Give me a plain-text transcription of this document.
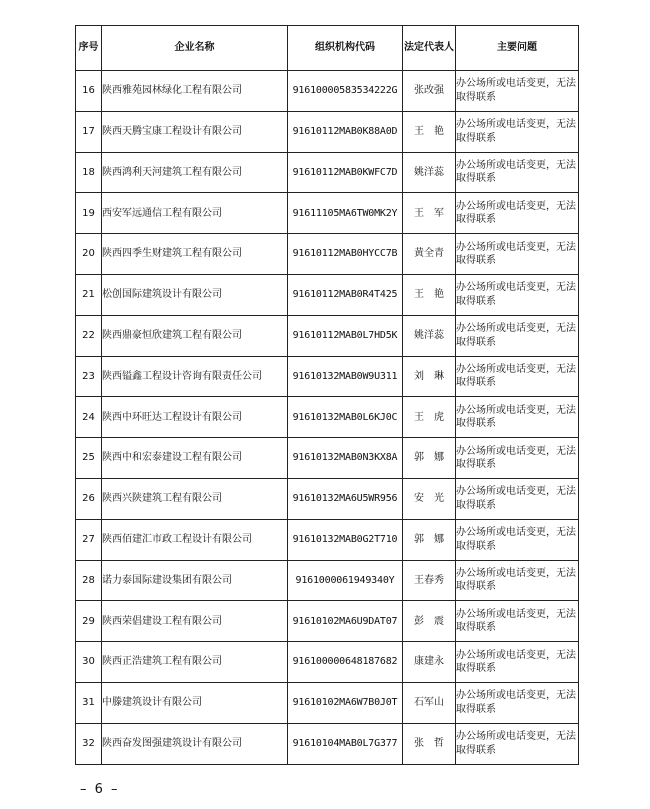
序号	企业名称	组织机构代码	法定代表人	主要问题
16	陕西雅苑园林绿化工程有限公司	91610000583534222G	张改强	办公场所或电话变更，无法取得联系
17	陕西天腾宝康工程设计有限公司	91610112MAB0K88A0D	王　艳	办公场所或电话变更，无法取得联系
18	陕西鸿利天河建筑工程有限公司	91610112MAB0KWFC7D	姚洋蕊	办公场所或电话变更，无法取得联系
19	西安军远通信工程有限公司	91611105MA6TW0MK2Y	王　军	办公场所或电话变更，无法取得联系
20	陕西四季生财建筑工程有限公司	91610112MAB0HYCC7B	黄全青	办公场所或电话变更，无法取得联系
21	松创国际建筑设计有限公司	91610112MAB0R4T425	王　艳	办公场所或电话变更，无法取得联系
22	陕西鼎豪恒欣建筑工程有限公司	91610112MAB0L7HD5K	姚洋蕊	办公场所或电话变更，无法取得联系
23	陕西镒鑫工程设计咨询有限责任公司	91610132MAB0W9U311	刘　琳	办公场所或电话变更，无法取得联系
24	陕西中环旺达工程设计有限公司	91610132MAB0L6KJ0C	王　虎	办公场所或电话变更，无法取得联系
25	陕西中和宏泰建设工程有限公司	91610132MAB0N3KX8A	郭　娜	办公场所或电话变更，无法取得联系
26	陕西兴陕建筑工程有限公司	91610132MA6U5WR956	安　光	办公场所或电话变更，无法取得联系
27	陕西佰建汇市政工程设计有限公司	91610132MAB0G2T710	郭　娜	办公场所或电话变更，无法取得联系
28	诺力泰国际建设集团有限公司	9161000061949340Y	王春秀	办公场所或电话变更，无法取得联系
29	陕西荣倡建设工程有限公司	91610102MA6U9DAT07	彭　震	办公场所或电话变更，无法取得联系
30	陕西正浩建筑工程有限公司	916100000648187682	康建永	办公场所或电话变更，无法取得联系
31	中滕建筑设计有限公司	91610102MA6W7B0J0T	石军山	办公场所或电话变更，无法取得联系
32	陕西奋发图强建筑设计有限公司	91610104MAB0L7G377	张　哲	办公场所或电话变更，无法取得联系
– 6 –
